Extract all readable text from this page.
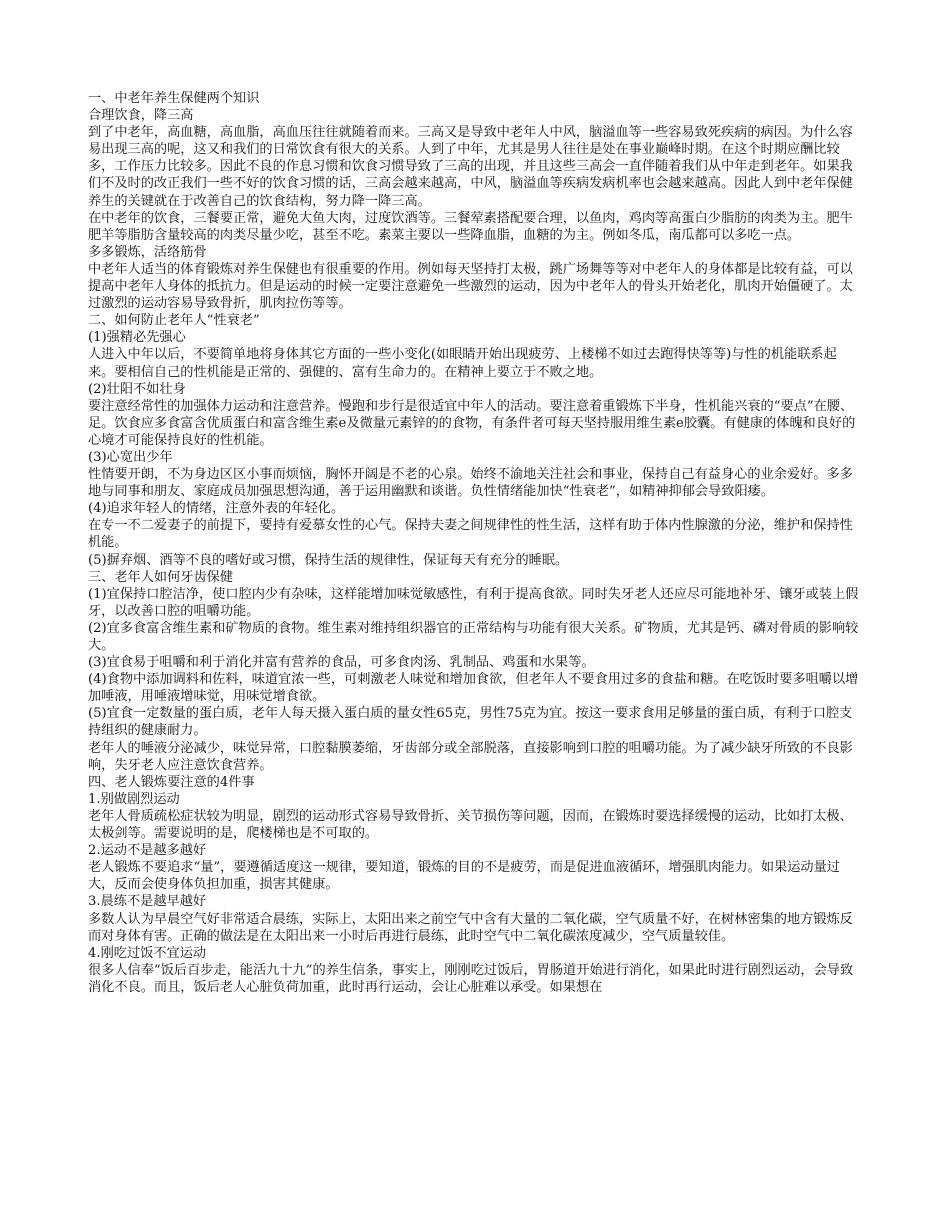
一、中老年养生保健两个知识

合理饮食，降三高

到了中老年，高血糖，高血脂，高血压往往就随着而来。三高又是导致中老年人中风，脑溢血等一些容易致死疾病的病因。为什么容易出现三高的呢，这又和我们的日常饮食有很大的关系。人到了中年，尤其是男人往往是处在事业巅峰时期。在这个时期应酬比较多，工作压力比较多。因此不良的作息习惯和饮食习惯导致了三高的出现，并且这些三高会一直伴随着我们从中年走到老年。如果我们不及时的改正我们一些不好的饮食习惯的话，三高会越来越高，中风，脑溢血等疾病发病机率也会越来越高。因此人到中老年保健养生的关键就在于改善自己的饮食结构，努力降一降三高。

在中老年的饮食，三餐要正常，避免大鱼大肉，过度饮酒等。三餐荤素搭配要合理，以鱼肉，鸡肉等高蛋白少脂肪的肉类为主。肥牛肥羊等脂肪含量较高的肉类尽量少吃，甚至不吃。素菜主要以一些降血脂，血糖的为主。例如冬瓜，南瓜都可以多吃一点。

多多锻炼，活络筋骨

中老年人适当的体育锻炼对养生保健也有很重要的作用。例如每天坚持打太极，跳广场舞等等对中老年人的身体都是比较有益，可以提高中老年人身体的抵抗力。但是运动的时候一定要注意避免一些激烈的运动，因为中老年人的骨头开始老化，肌肉开始僵硬了。太过激烈的运动容易导致骨折，肌肉拉伤等等。

二、如何防止老年人“性衰老”

(1)强精必先强心

人进入中年以后，不要简单地将身体其它方面的一些小变化(如眼睛开始出现疲劳、上楼梯不如过去跑得快等等)与性的机能联系起来。要相信自己的性机能是正常的、强健的、富有生命力的。在精神上要立于不败之地。

(2)壮阳不如壮身

要注意经常性的加强体力运动和注意营养。慢跑和步行是很适宜中年人的活动。要注意着重锻炼下半身，性机能兴衰的“要点”在腰、足。饮食应多食富含优质蛋白和富含维生素e及微量元素锌的的食物，有条件者可每天坚持服用维生素e胶囊。有健康的体魄和良好的心境才可能保持良好的性机能。

(3)心宽出少年

性情要开朗，不为身边区区小事而烦恼，胸怀开阔是不老的心泉。始终不渝地关注社会和事业，保持自己有益身心的业余爱好。多多地与同事和朋友、家庭成员加强思想沟通，善于运用幽默和谈谐。负性情绪能加快“性衰老”，如精神抑郁会导致阳痿。

(4)追求年轻人的情绪，注意外表的年轻化。

在专一不二爱妻子的前提下，要持有爱慕女性的心气。保持夫妻之间规律性的性生活，这样有助于体内性腺激的分泌，维护和保持性机能。

(5)摒弃烟、酒等不良的嗜好或习惯，保持生活的规律性，保证每天有充分的睡眠。

三、老年人如何牙齿保健

(1)宜保持口腔洁净，使口腔内少有杂味，这样能增加味觉敏感性，有利于提高食欲。同时失牙老人还应尽可能地补牙、镶牙或装上假牙，以改善口腔的咀嚼功能。

(2)宜多食富含维生素和矿物质的食物。维生素对维持组织器官的正常结构与功能有很大关系。矿物质，尤其是钙、磷对骨质的影响较大。

(3)宜食易于咀嚼和利于消化并富有营养的食品，可多食肉汤、乳制品、鸡蛋和水果等。

(4)食物中添加调料和佐料，味道宜浓一些，可刺激老人味觉和增加食欲，但老年人不要食用过多的食盐和糖。在吃饭时要多咀嚼以增加唾液，用唾液增味觉，用味觉增食欲。

(5)宜食一定数量的蛋白质，老年人每天摄入蛋白质的量女性65克，男性75克为宜。按这一要求食用足够量的蛋白质，有利于口腔支持组织的健康耐力。

老年人的唾液分泌减少，味觉异常，口腔黏膜萎缩，牙齿部分或全部脱落，直接影响到口腔的咀嚼功能。为了减少缺牙所致的不良影响，失牙老人应注意饮食营养。

四、老人锻炼要注意的4件事

1.别做剧烈运动

老年人骨质疏松症状较为明显，剧烈的运动形式容易导致骨折、关节损伤等问题，因而，在锻炼时要选择缓慢的运动，比如打太极、太极剑等。需要说明的是，爬楼梯也是不可取的。

2.运动不是越多越好

老人锻炼不要追求“量”，要遵循适度这一规律，要知道，锻炼的目的不是疲劳，而是促进血液循环，增强肌肉能力。如果运动量过大，反而会使身体负担加重，损害其健康。

3.晨练不是越早越好

多数人认为早晨空气好非常适合晨练，实际上，太阳出来之前空气中含有大量的二氧化碳，空气质量不好，在树林密集的地方锻炼反而对身体有害。正确的做法是在太阳出来一小时后再进行晨练，此时空气中二氧化碳浓度减少，空气质量较佳。

4.刚吃过饭不宜运动

很多人信奉“饭后百步走，能活九十九”的养生信条，事实上，刚刚吃过饭后，胃肠道开始进行消化，如果此时进行剧烈运动，会导致消化不良。而且，饭后老人心脏负荷加重，此时再行运动，会让心脏难以承受。如果想在
